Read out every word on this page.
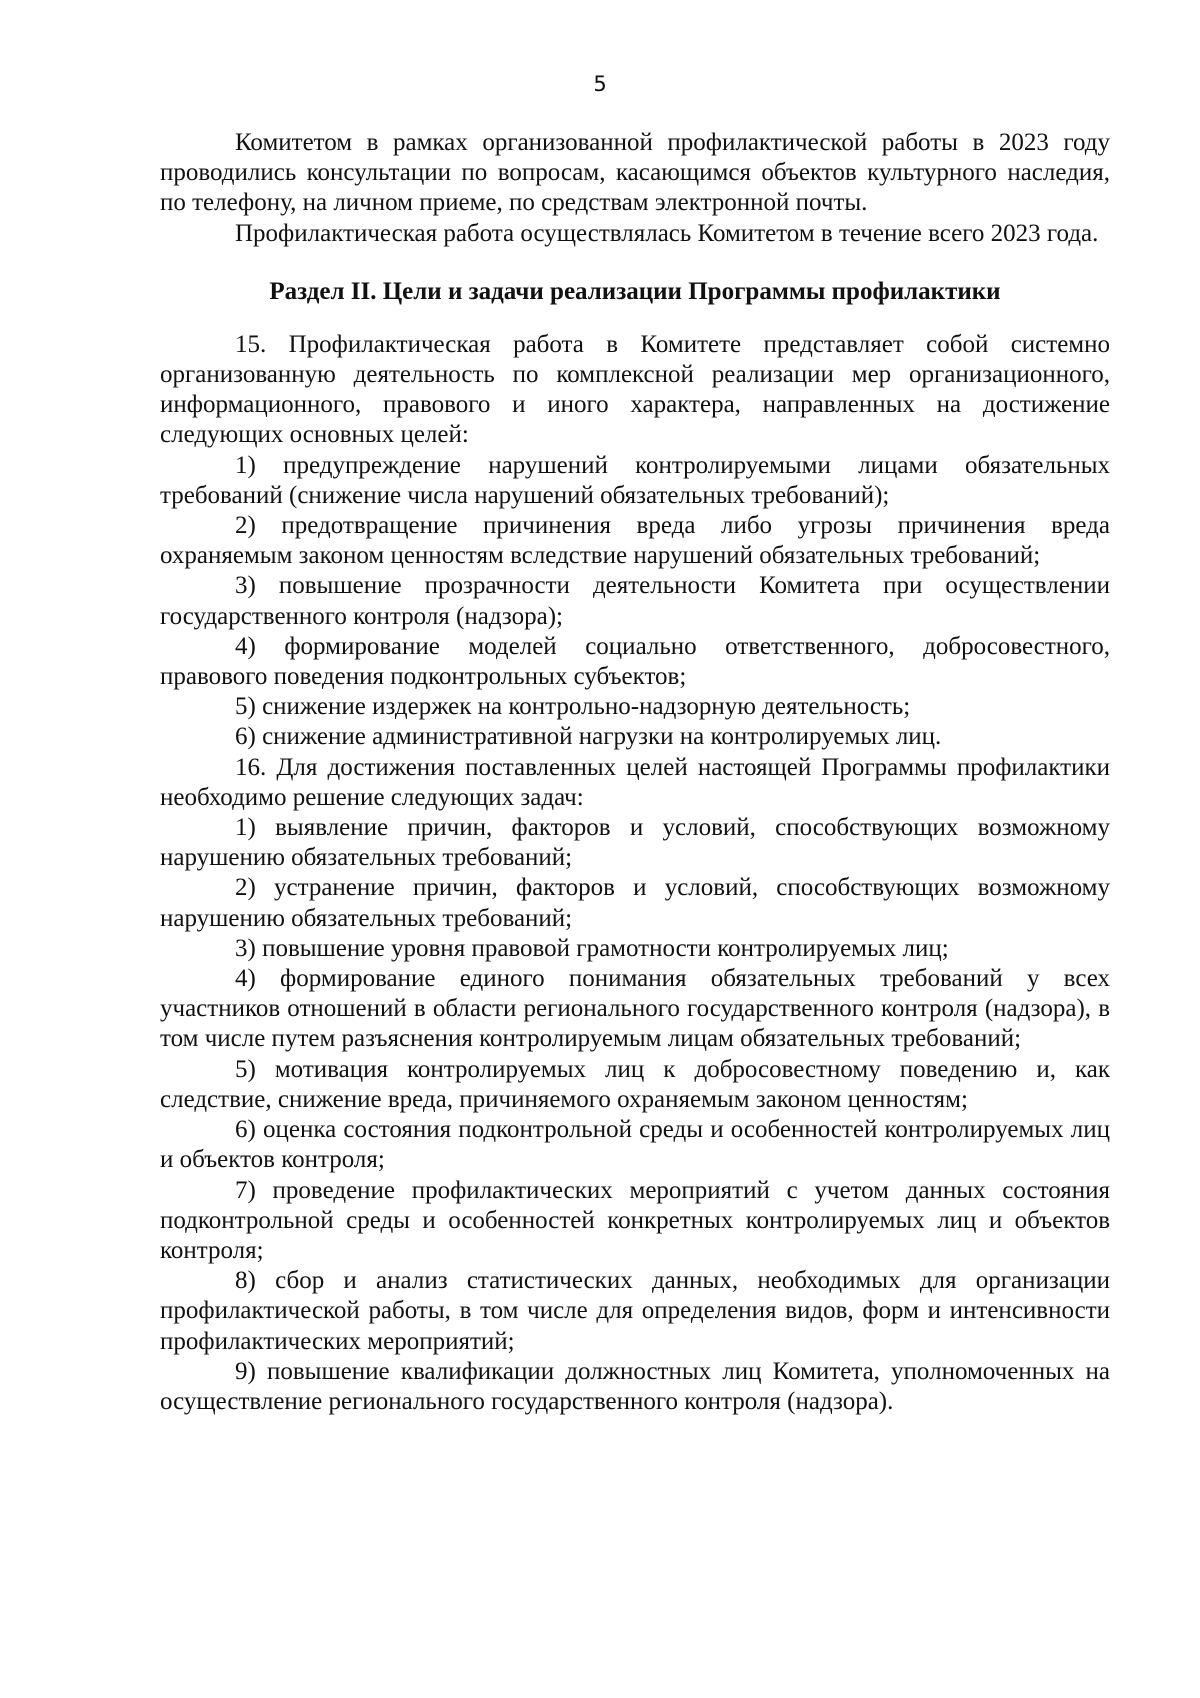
5

Комитетом в рамках организованной профилактической работы в 2023 году проводились консультации по вопросам, касающимся объектов культурного наследия, по телефону, на личном приеме, по средствам электронной почты.

Профилактическая работа осуществлялась Комитетом в течение всего 2023 года.

Раздел II. Цели и задачи реализации Программы профилактики

15. Профилактическая работа в Комитете представляет собой системно организованную деятельность по комплексной реализации мер организационного, информационного, правового и иного характера, направленных на достижение следующих основных целей:

1) предупреждение нарушений контролируемыми лицами обязательных требований (снижение числа нарушений обязательных требований);

2) предотвращение причинения вреда либо угрозы причинения вреда охраняемым законом ценностям вследствие нарушений обязательных требований;

3) повышение прозрачности деятельности Комитета при осуществлении государственного контроля (надзора);

4) формирование моделей социально ответственного, добросовестного, правового поведения подконтрольных субъектов;

5) снижение издержек на контрольно-надзорную деятельность;

6) снижение административной нагрузки на контролируемых лиц.

16. Для достижения поставленных целей настоящей Программы профилактики необходимо решение следующих задач:

1) выявление причин, факторов и условий, способствующих возможному нарушению обязательных требований;

2) устранение причин, факторов и условий, способствующих возможному нарушению обязательных требований;

3) повышение уровня правовой грамотности контролируемых лиц;

4) формирование единого понимания обязательных требований у всех участников отношений в области регионального государственного контроля (надзора), в том числе путем разъяснения контролируемым лицам обязательных требований;

5) мотивация контролируемых лиц к добросовестному поведению и, как следствие, снижение вреда, причиняемого охраняемым законом ценностям;

6) оценка состояния подконтрольной среды и особенностей контролируемых лиц и объектов контроля;

7) проведение профилактических мероприятий с учетом данных состояния подконтрольной среды и особенностей конкретных контролируемых лиц и объектов контроля;

8) сбор и анализ статистических данных, необходимых для организации профилактической работы, в том числе для определения видов, форм и интенсивности профилактических мероприятий;

9) повышение квалификации должностных лиц Комитета, уполномоченных на осуществление регионального государственного контроля (надзора).
